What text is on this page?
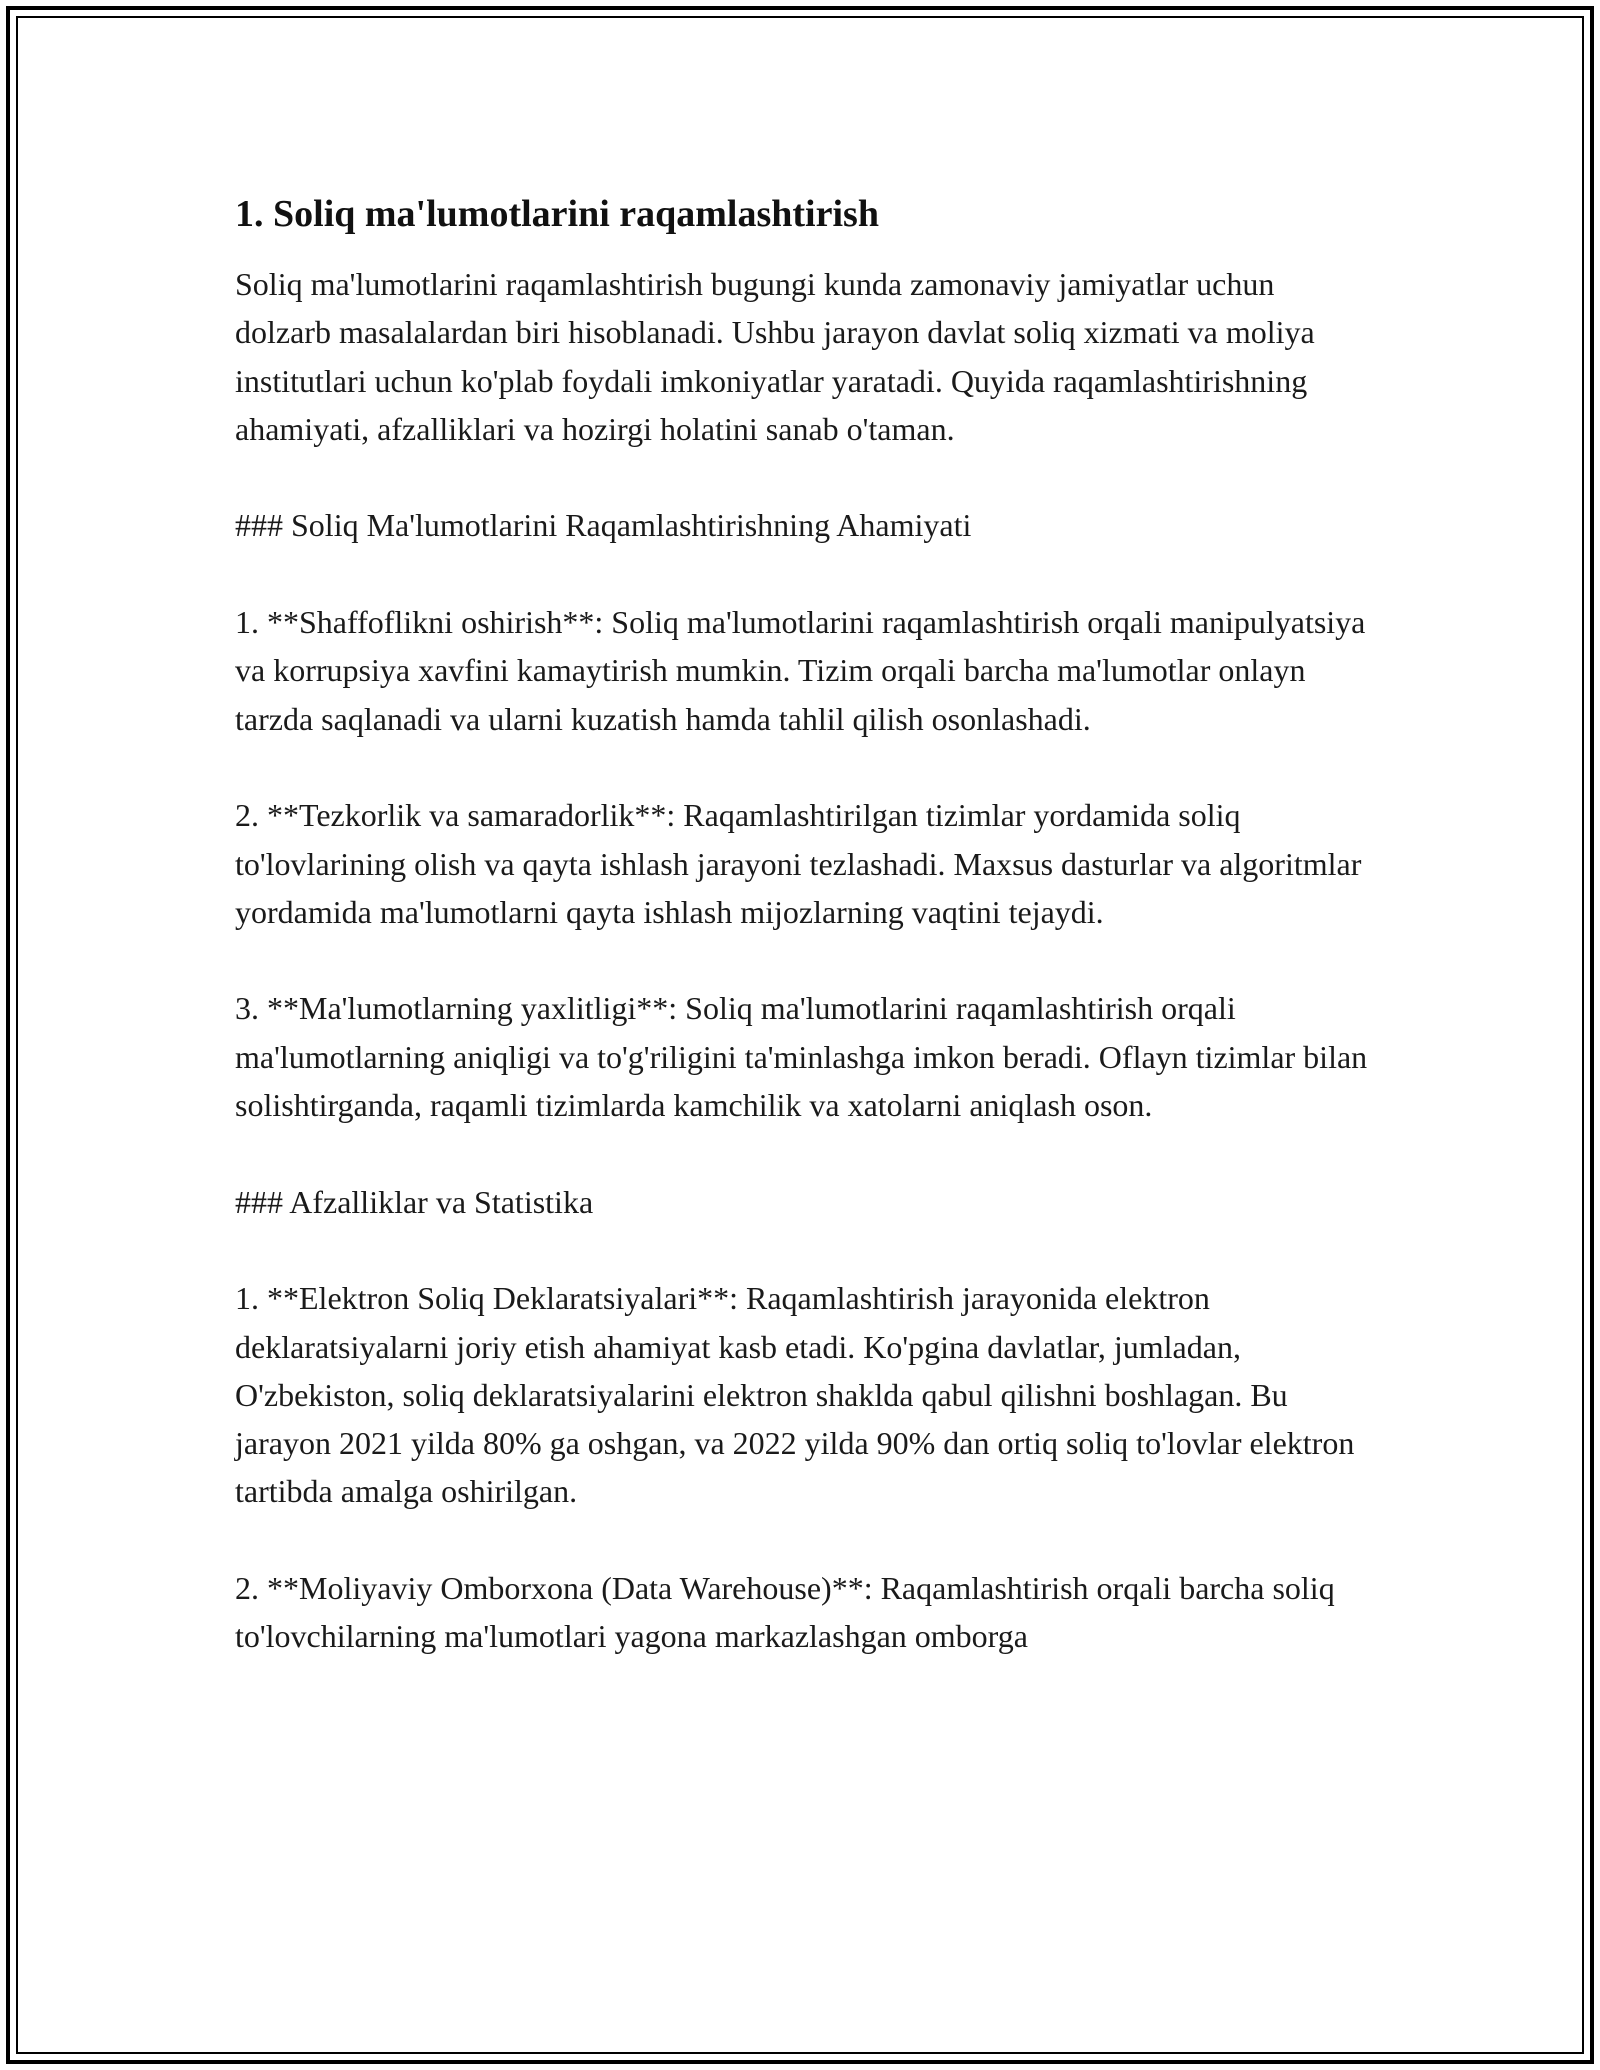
1. Soliq ma'lumotlarini raqamlashtirish

Soliq ma'lumotlarini raqamlashtirish bugungi kunda zamonaviy jamiyatlar uchun dolzarb masalalardan biri hisoblanadi. Ushbu jarayon davlat soliq xizmati va moliya institutlari uchun ko'plab foydali imkoniyatlar yaratadi. Quyida raqamlashtirishning ahamiyati, afzalliklari va hozirgi holatini sanab o'taman.

### Soliq Ma'lumotlarini Raqamlashtirishning Ahamiyati

1. **Shaffoflikni oshirish**: Soliq ma'lumotlarini raqamlashtirish orqali manipulyatsiya va korrupsiya xavfini kamaytirish mumkin. Tizim orqali barcha ma'lumotlar onlayn tarzda saqlanadi va ularni kuzatish hamda tahlil qilish osonlashadi.

2. **Tezkorlik va samaradorlik**: Raqamlashtirilgan tizimlar yordamida soliq to'lovlarining olish va qayta ishlash jarayoni tezlashadi. Maxsus dasturlar va algoritmlar yordamida ma'lumotlarni qayta ishlash mijozlarning vaqtini tejaydi.

3. **Ma'lumotlarning yaxlitligi**: Soliq ma'lumotlarini raqamlashtirish orqali ma'lumotlarning aniqligi va to'g'riligini ta'minlashga imkon beradi. Oflayn tizimlar bilan solishtirganda, raqamli tizimlarda kamchilik va xatolarni aniqlash oson.

### Afzalliklar va Statistika

1. **Elektron Soliq Deklaratsiyalari**: Raqamlashtirish jarayonida elektron deklaratsiyalarni joriy etish ahamiyat kasb etadi. Ko'pgina davlatlar, jumladan, O'zbekiston, soliq deklaratsiyalarini elektron shaklda qabul qilishni boshlagan. Bu jarayon 2021 yilda 80% ga oshgan, va 2022 yilda 90% dan ortiq soliq to'lovlar elektron tartibda amalga oshirilgan.

2. **Moliyaviy Omborxona (Data Warehouse)**: Raqamlashtirish orqali barcha soliq to'lovchilarning ma'lumotlari yagona markazlashgan omborga
